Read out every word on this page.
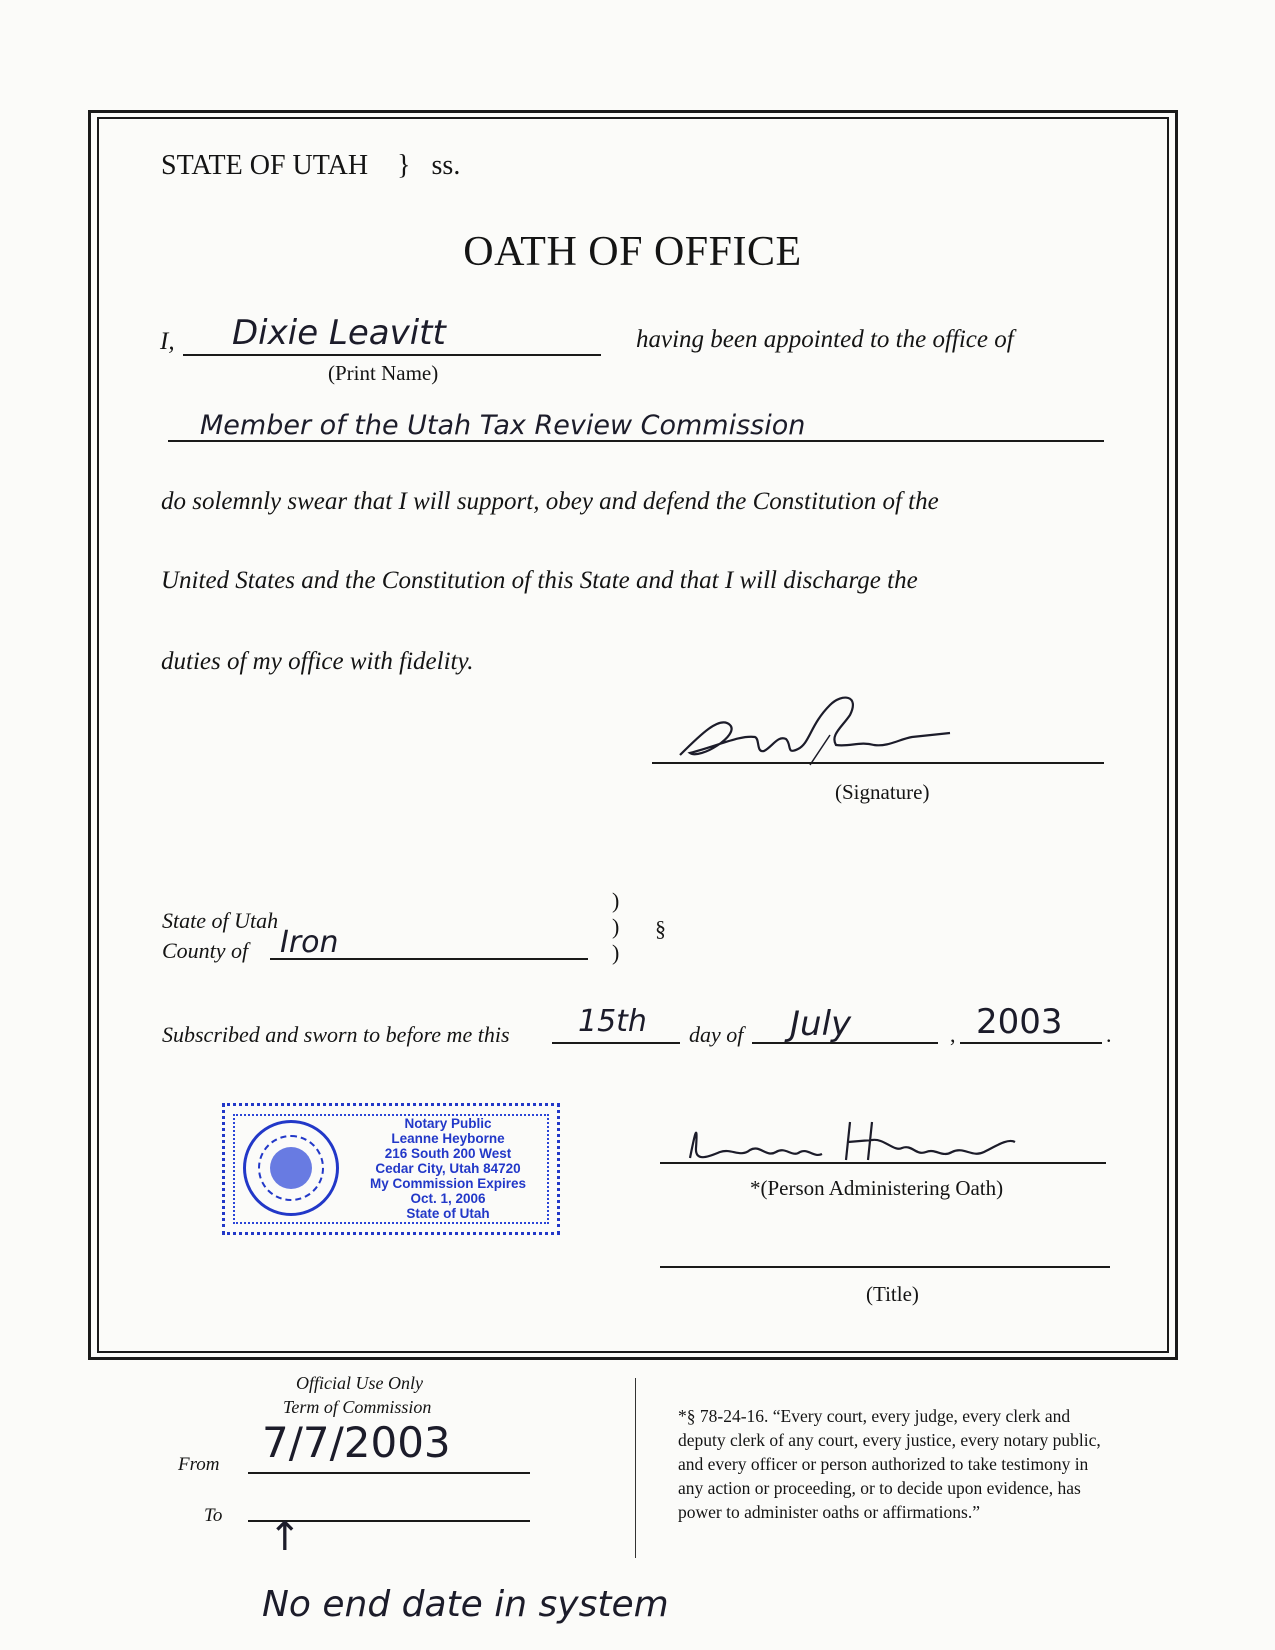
STATE OF UTAH } ss.
OATH OF OFFICE
I, Dixie Leavitt
(Print Name)
having been appointed to the office of
Member of the Utah Tax Review Commission
do solemnly swear that I will support, obey and defend the Constitution of the
United States and the Constitution of this State and that I will discharge the
duties of my office with fidelity.
(Signature)
State of Utah
County of Iron
)
)
)
§
Subscribed and sworn to before me this 15th day of July	, 2003 .
Notary Public
Leanne Heyborne
216 South 200 West
Cedar City, Utah 84720
My Commission Expires
Oct. 1, 2006
State of Utah
*(Person Administering Oath)
(Title)
Official Use Only
Term of Commission
From 7/7/2003
To ↑
No end date in system
*§ 78-24-16. “Every court, every judge, every clerk and
deputy clerk of any court, every justice, every notary public,
and every officer or person authorized to take testimony in
any action or proceeding, or to decide upon evidence, has
power to administer oaths or affirmations.”
